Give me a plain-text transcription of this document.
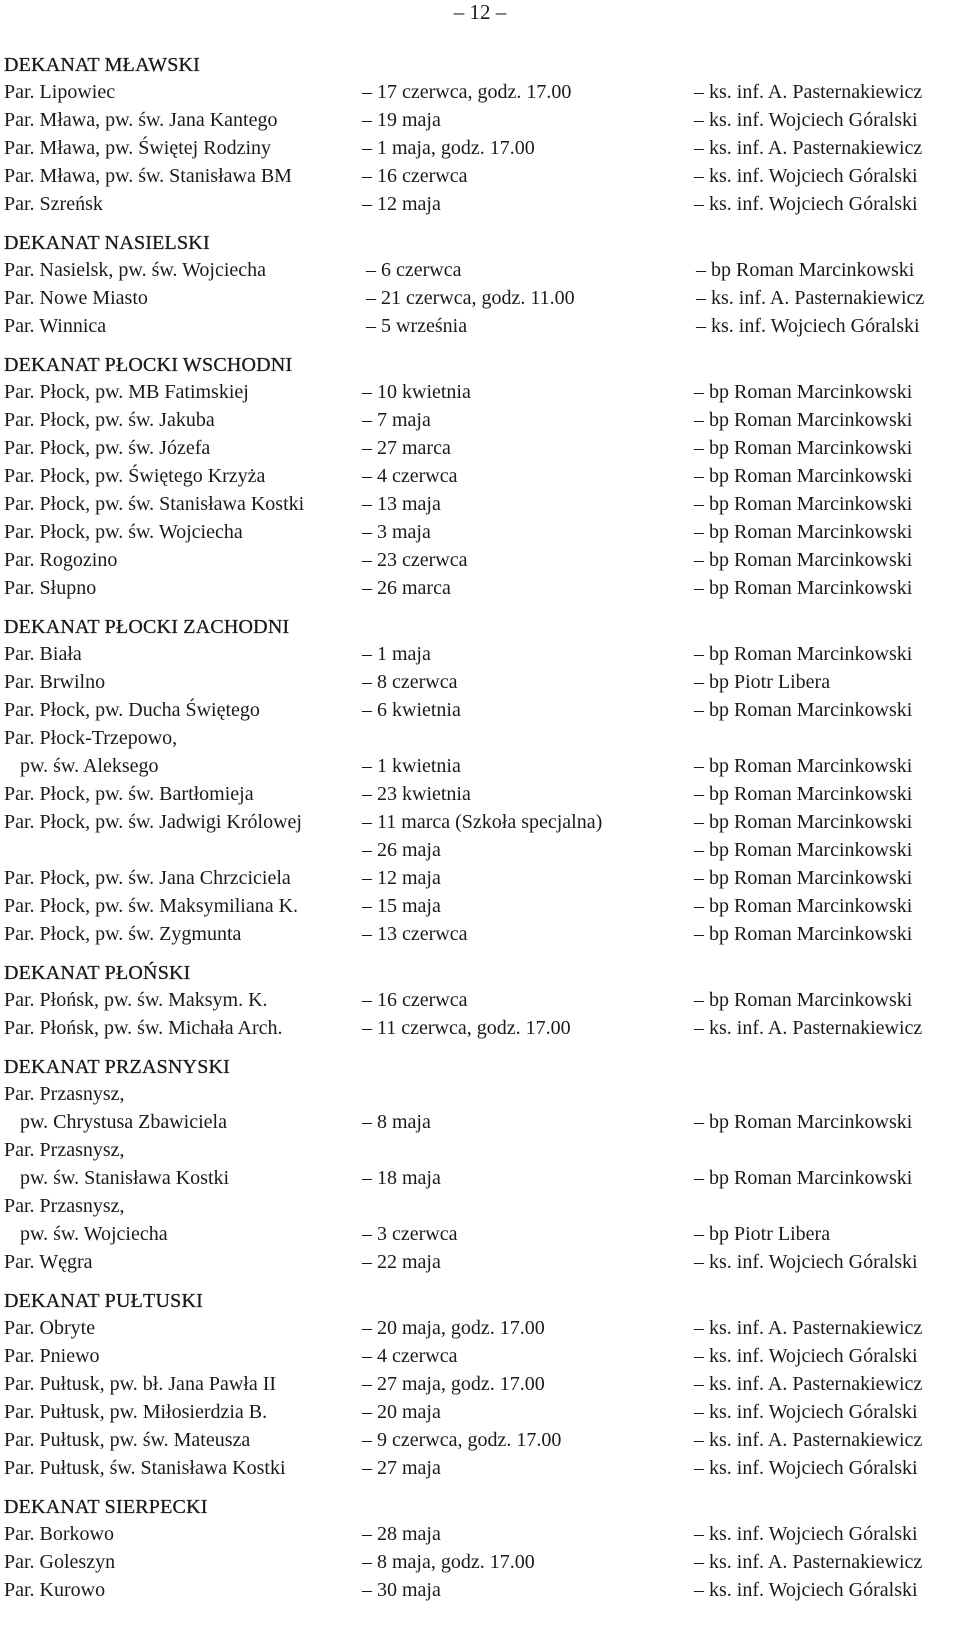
– 12 –
DEKANAT MŁAWSKI
Par. Lipowiec	– 17 czerwca, godz. 17.00	– ks. inf. A. Pasternakiewicz
Par. Mława, pw. św. Jana Kantego	– 19 maja	– ks. inf. Wojciech Góralski
Par. Mława, pw. Świętej Rodziny	– 1 maja, godz. 17.00	– ks. inf. A. Pasternakiewicz
Par. Mława, pw. św. Stanisława BM	– 16 czerwca	– ks. inf. Wojciech Góralski
Par. Szreńsk	– 12 maja	– ks. inf. Wojciech Góralski
DEKANAT NASIELSKI
Par. Nasielsk, pw. św. Wojciecha	– 6 czerwca	– bp Roman Marcinkowski
Par. Nowe Miasto	– 21 czerwca, godz. 11.00	– ks. inf. A. Pasternakiewicz
Par. Winnica	– 5 września	– ks. inf. Wojciech Góralski
DEKANAT PŁOCKI WSCHODNI
Par. Płock, pw. MB Fatimskiej	– 10 kwietnia	– bp Roman Marcinkowski
Par. Płock, pw. św. Jakuba	– 7 maja	– bp Roman Marcinkowski
Par. Płock, pw. św. Józefa	– 27 marca	– bp Roman Marcinkowski
Par. Płock, pw. Świętego Krzyża	– 4 czerwca	– bp Roman Marcinkowski
Par. Płock, pw. św. Stanisława Kostki	– 13 maja	– bp Roman Marcinkowski
Par. Płock, pw. św. Wojciecha	– 3 maja	– bp Roman Marcinkowski
Par. Rogozino	– 23 czerwca	– bp Roman Marcinkowski
Par. Słupno	– 26 marca	– bp Roman Marcinkowski
DEKANAT PŁOCKI ZACHODNI
Par. Biała	– 1 maja	– bp Roman Marcinkowski
Par. Brwilno	– 8 czerwca	– bp Piotr Libera
Par. Płock, pw. Ducha Świętego	– 6 kwietnia	– bp Roman Marcinkowski
Par. Płock-Trzepowo,
pw. św. Aleksego	– 1 kwietnia	– bp Roman Marcinkowski
Par. Płock, pw. św. Bartłomieja	– 23 kwietnia	– bp Roman Marcinkowski
Par. Płock, pw. św. Jadwigi Królowej	– 11 marca (Szkoła specjalna)	– bp Roman Marcinkowski
– 26 maja	– bp Roman Marcinkowski
Par. Płock, pw. św. Jana Chrzciciela	– 12 maja	– bp Roman Marcinkowski
Par. Płock, pw. św. Maksymiliana K.	– 15 maja	– bp Roman Marcinkowski
Par. Płock, pw. św. Zygmunta	– 13 czerwca	– bp Roman Marcinkowski
DEKANAT PŁOŃSKI
Par. Płońsk, pw. św. Maksym. K.	– 16 czerwca	– bp Roman Marcinkowski
Par. Płońsk, pw. św. Michała Arch.	– 11 czerwca, godz. 17.00	– ks. inf. A. Pasternakiewicz
DEKANAT PRZASNYSKI
Par. Przasnysz,
pw. Chrystusa Zbawiciela	– 8 maja	– bp Roman Marcinkowski
Par. Przasnysz,
pw. św. Stanisława Kostki	– 18 maja	– bp Roman Marcinkowski
Par. Przasnysz,
pw. św. Wojciecha	– 3 czerwca	– bp Piotr Libera
Par. Węgra	– 22 maja	– ks. inf. Wojciech Góralski
DEKANAT PUŁTUSKI
Par. Obryte	– 20 maja, godz. 17.00	– ks. inf. A. Pasternakiewicz
Par. Pniewo	– 4 czerwca	– ks. inf. Wojciech Góralski
Par. Pułtusk, pw. bł. Jana Pawła II	– 27 maja, godz. 17.00	– ks. inf. A. Pasternakiewicz
Par. Pułtusk, pw. Miłosierdzia B.	– 20 maja	– ks. inf. Wojciech Góralski
Par. Pułtusk, pw. św. Mateusza	– 9 czerwca, godz. 17.00	– ks. inf. A. Pasternakiewicz
Par. Pułtusk, św. Stanisława Kostki	– 27 maja	– ks. inf. Wojciech Góralski
DEKANAT SIERPECKI
Par. Borkowo	– 28 maja	– ks. inf. Wojciech Góralski
Par. Goleszyn	– 8 maja, godz. 17.00	– ks. inf. A. Pasternakiewicz
Par. Kurowo	– 30 maja	– ks. inf. Wojciech Góralski
